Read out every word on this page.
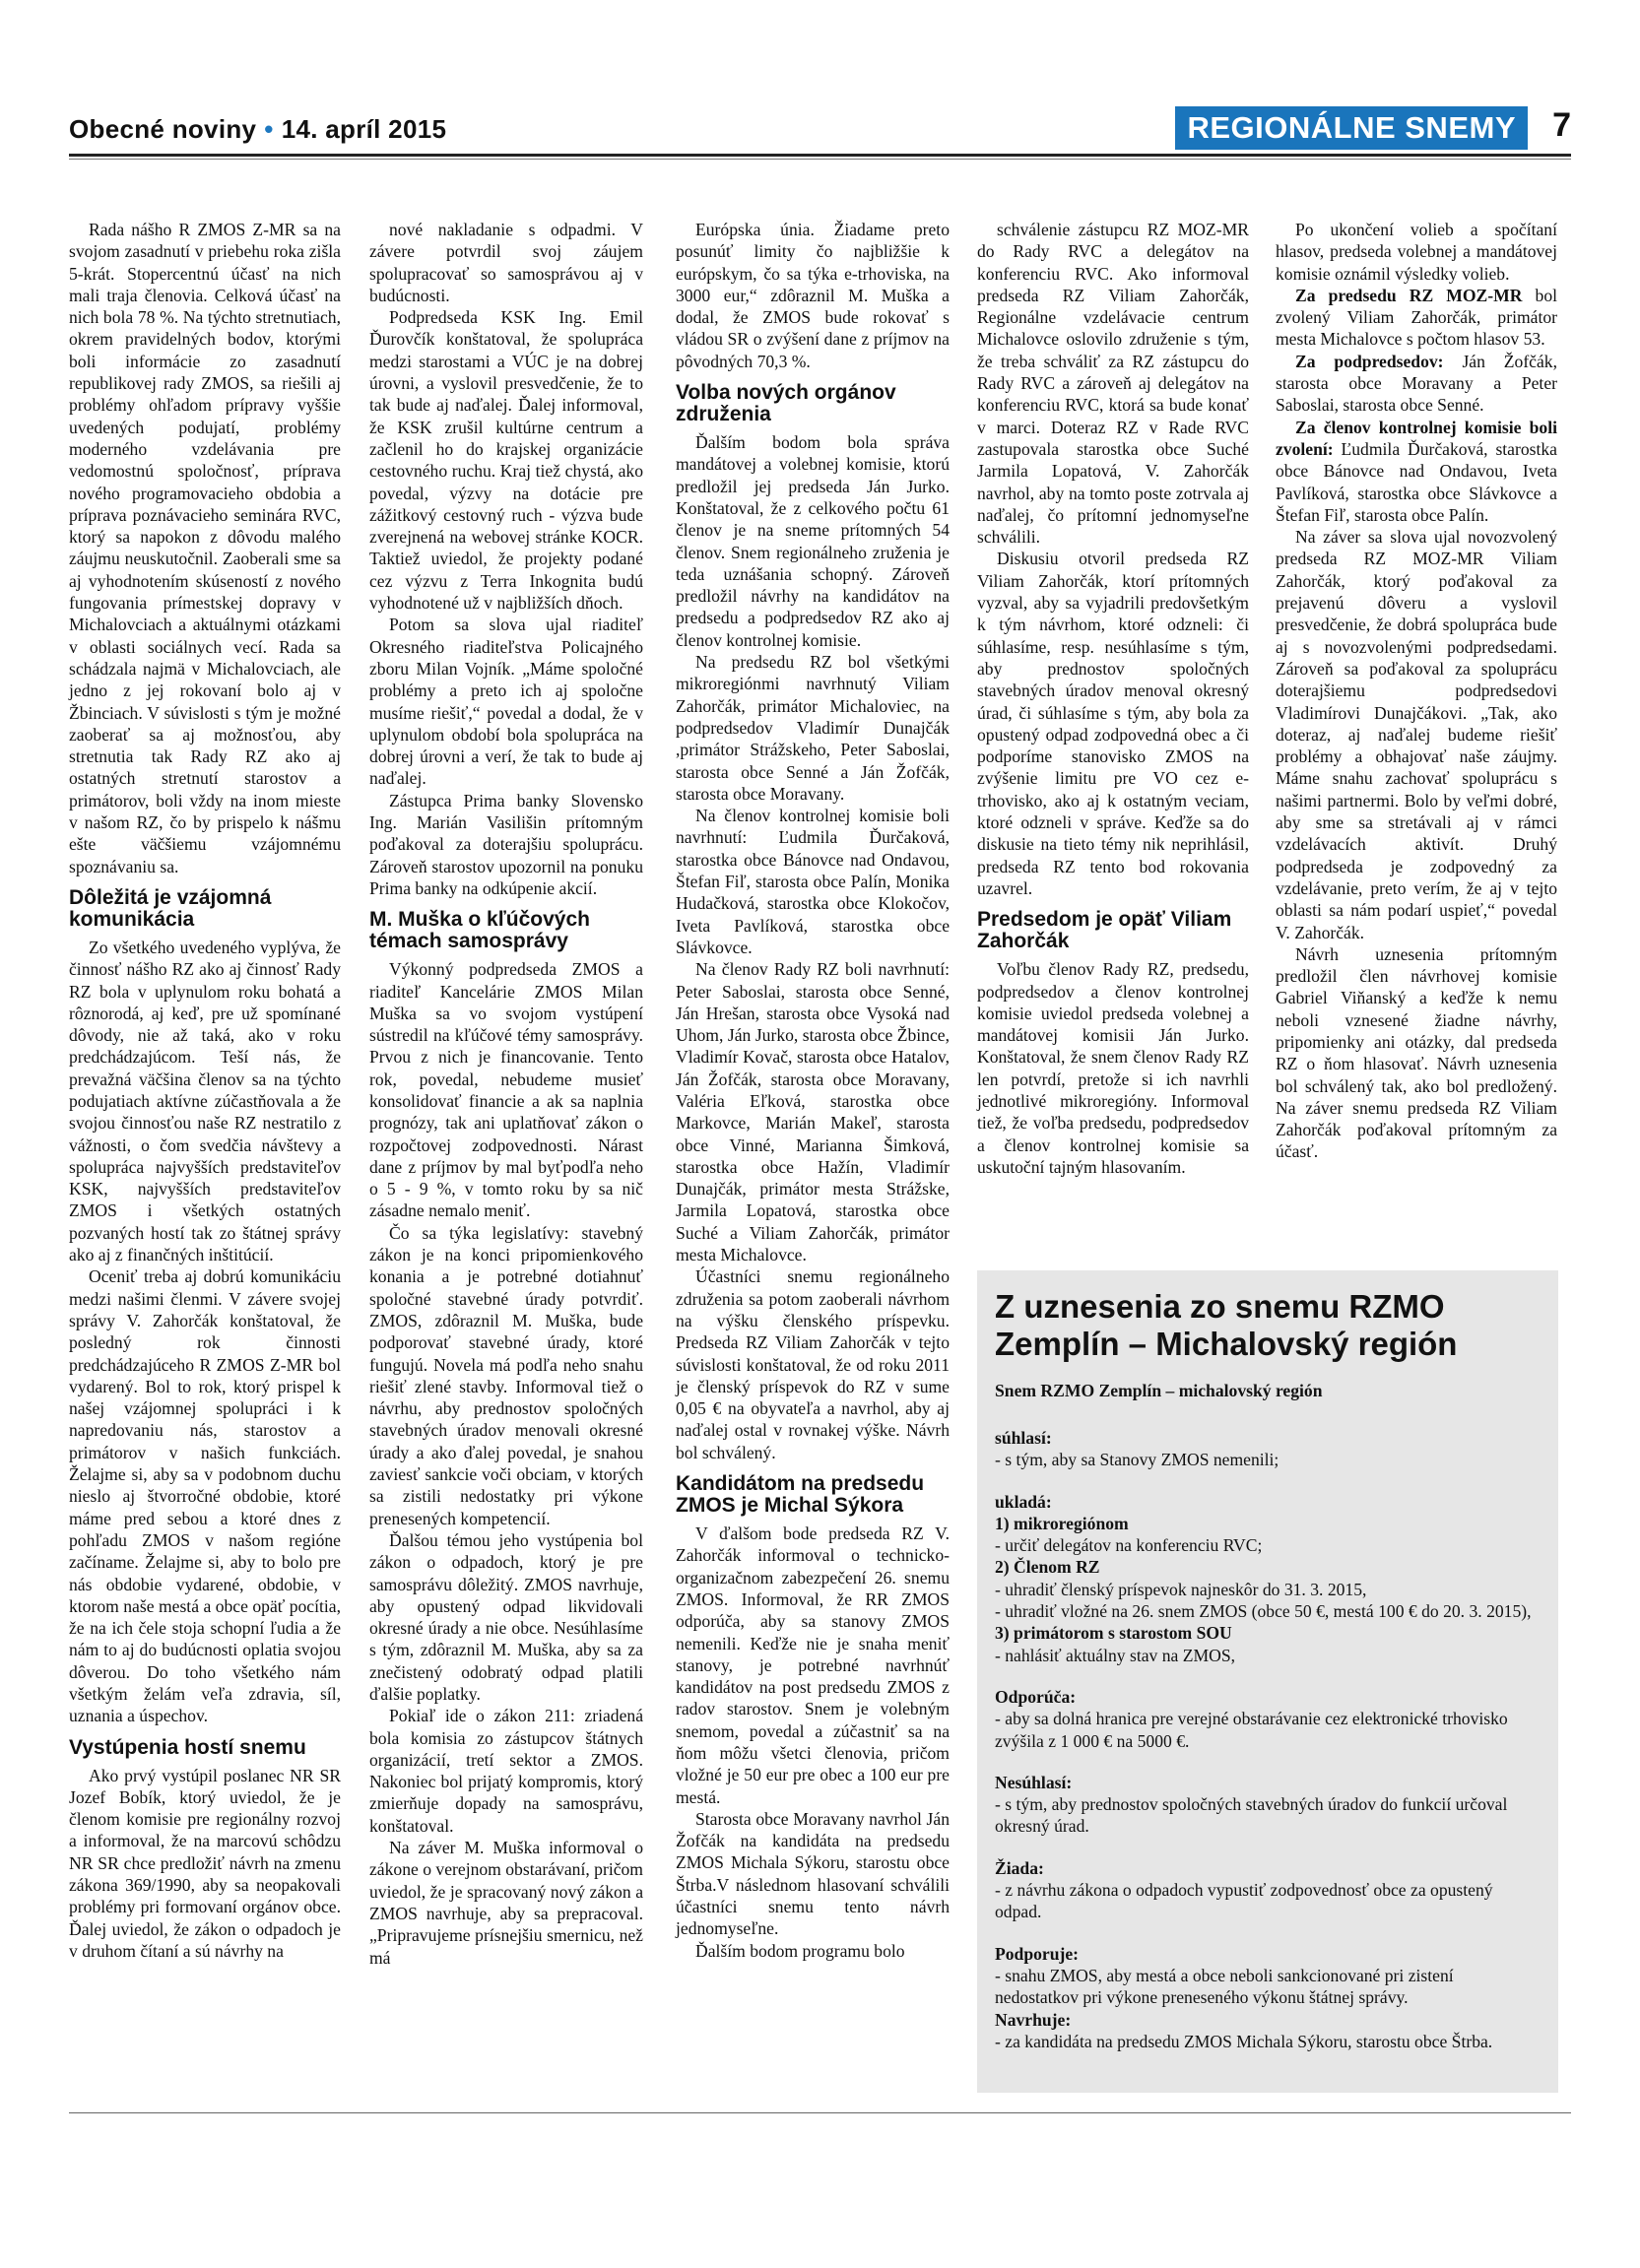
Obecné noviny • 14. apríl 2015	REGIONÁLNE SNEMY	7

Rada nášho R ZMOS Z-MR sa na svojom zasadnutí v priebehu roka zišla 5-krát. Stopercentnú účasť na nich mali traja členovia. Celková účasť na nich bola 78 %. Na týchto stretnutiach, okrem pravidelných bodov, ktorými boli informácie zo zasadnutí republikovej rady ZMOS, sa riešili aj problémy ohľadom prípravy vyššie uvedených podujatí, problémy moderného vzdelávania pre vedomostnú spoločnosť, príprava nového programovacieho obdobia a príprava poznávacieho seminára RVC, ktorý sa napokon z dôvodu malého záujmu neuskutočnil. Zaoberali sme sa aj vyhodnotením skúseností z nového fungovania prímestskej dopravy v Michalovciach a aktuálnymi otázkami v oblasti sociálnych vecí. Rada sa schádzala najmä v Michalovciach, ale jedno z jej rokovaní bolo aj v Žbinciach. V súvislosti s tým je možné zaoberať sa aj možnosťou, aby stretnutia tak Rady RZ ako aj ostatných stretnutí starostov a primátorov, boli vždy na inom mieste v našom RZ, čo by prispelo k nášmu ešte väčšiemu vzájomnému spoznávaniu sa.

Dôležitá je vzájomná komunikácia

Zo všetkého uvedeného vyplýva, že činnosť nášho RZ ako aj činnosť Rady RZ bola v uplynulom roku bohatá a rôznorodá, aj keď, pre už spomínané dôvody, nie až taká, ako v roku predchádzajúcom. Teší nás, že prevažná väčšina členov sa na týchto podujatiach aktívne zúčastňovala a že svojou činnosťou naše RZ nestratilo z vážnosti, o čom svedčia návštevy a spolupráca najvyšších predstaviteľov KSK, najvyšších predstaviteľov ZMOS i všetkých ostatných pozvaných hostí tak zo štátnej správy ako aj z finančných inštitúcií.

Oceniť treba aj dobrú komunikáciu medzi našimi členmi. V závere svojej správy V. Zahorčák konštatoval, že posledný rok činnosti predchádzajúceho R ZMOS Z-MR bol vydarený. Bol to rok, ktorý prispel k našej vzájomnej spolupráci i k napredovaniu nás, starostov a primátorov v našich funkciách. Želajme si, aby sa v podobnom duchu nieslo aj štvorročné obdobie, ktoré máme pred sebou a ktoré dnes z pohľadu ZMOS v našom regióne začíname. Želajme si, aby to bolo pre nás obdobie vydarené, obdobie, v ktorom naše mestá a obce opäť pocítia, že na ich čele stoja schopní ľudia a že nám to aj do budúcnosti oplatia svojou dôverou. Do toho všetkého nám všetkým želám veľa zdravia, síl, uznania a úspechov.

Vystúpenia hostí snemu

Ako prvý vystúpil poslanec NR SR Jozef Bobík, ktorý uviedol, že je členom komisie pre regionálny rozvoj a informoval, že na marcovú schôdzu NR SR chce predložiť návrh na zmenu zákona 369/1990, aby sa neopakovali problémy pri formovaní orgánov obce. Ďalej uviedol, že zákon o odpadoch je v druhom čítaní a sú návrhy na

nové nakladanie s odpadmi. V závere potvrdil svoj záujem spolupracovať so samosprávou aj v budúcnosti.

Podpredseda KSK Ing. Emil Ďurovčík konštatoval, že spolupráca medzi starostami a VÚC je na dobrej úrovni, a vyslovil presvedčenie, že to tak bude aj naďalej. Ďalej informoval, že KSK zrušil kultúrne centrum a začlenil ho do krajskej organizácie cestovného ruchu. Kraj tiež chystá, ako povedal, výzvy na dotácie pre zážitkový cestovný ruch - výzva bude zverejnená na webovej stránke KOCR. Taktiež uviedol, že projekty podané cez výzvu z Terra Inkognita budú vyhodnotené už v najbližších dňoch.

Potom sa slova ujal riaditeľ Okresného riaditeľstva Policajného zboru Milan Vojník. „Máme spoločné problémy a preto ich aj spoločne musíme riešiť,“ povedal a dodal, že v uplynulom období bola spolupráca na dobrej úrovni a verí, že tak to bude aj naďalej.

Zástupca Prima banky Slovensko Ing. Marián Vasilišin prítomným poďakoval za doterajšiu spoluprácu. Zároveň starostov upozornil na ponuku Prima banky na odkúpenie akcií.

M. Muška o kľúčových témach samosprávy

Výkonný podpredseda ZMOS a riaditeľ Kancelárie ZMOS Milan Muška sa vo svojom vystúpení sústredil na kľúčové témy samosprávy. Prvou z nich je financovanie. Tento rok, povedal, nebudeme musieť konsolidovať financie a ak sa naplnia prognózy, tak ani uplatňovať zákon o rozpočtovej zodpovednosti. Nárast dane z príjmov by mal byťpodľa neho o 5 - 9 %, v tomto roku by sa nič zásadne nemalo meniť.

Čo sa týka legislatívy: stavebný zákon je na konci pripomienkového konania a je potrebné dotiahnuť spoločné stavebné úrady potvrdiť. ZMOS, zdôraznil M. Muška, bude podporovať stavebné úrady, ktoré fungujú. Novela má podľa neho snahu riešiť zlené stavby. Informoval tiež o návrhu, aby prednostov spoločných stavebných úradov menovali okresné úrady a ako ďalej povedal, je snahou zaviesť sankcie voči obciam, v ktorých sa zistili nedostatky pri výkone prenesených kompetencií.

Ďalšou témou jeho vystúpenia bol zákon o odpadoch, ktorý je pre samosprávu dôležitý. ZMOS navrhuje, aby opustený odpad likvidovali okresné úrady a nie obce. Nesúhlasíme s tým, zdôraznil M. Muška, aby sa za znečistený odobratý odpad platili ďalšie poplatky.

Pokiaľ ide o zákon 211: zriadená bola komisia zo zástupcov štátnych organizácií, tretí sektor a ZMOS. Nakoniec bol prijatý kompromis, ktorý zmierňuje dopady na samosprávu, konštatoval.

Na záver M. Muška informoval o zákone o verejnom obstarávaní, pričom uviedol, že je spracovaný nový zákon a ZMOS navrhuje, aby sa prepracoval. „Pripravujeme prísnejšiu smernicu, než má

Európska únia. Žiadame preto posunúť limity čo najbližšie k európskym, čo sa týka e-trhoviska, na 3000 eur,“ zdôraznil M. Muška a dodal, že ZMOS bude rokovať s vládou SR o zvýšení dane z príjmov na pôvodných 70,3 %.

Volba nových orgánov združenia

Ďalším bodom bola správa mandátovej a volebnej komisie, ktorú predložil jej predseda Ján Jurko. Konštatoval, že z celkového počtu 61 členov je na sneme prítomných 54 členov. Snem regionálneho zruženia je teda uznášania schopný. Zároveň predložil návrhy na kandidátov na predsedu a podpredsedov RZ ako aj členov kontrolnej komisie.

Na predsedu RZ bol všetkými mikroregiónmi navrhnutý Viliam Zahorčák, primátor Michaloviec, na podpredsedov Vladimír Dunajčák ,primátor Strážskeho, Peter Saboslai, starosta obce Senné a Ján Žofčák, starosta obce Moravany.

Na členov kontrolnej komisie boli navrhnutí: Ľudmila Ďurčaková, starostka obce Bánovce nad Ondavou, Štefan Fiľ, starosta obce Palín, Monika Hudačková, starostka obce Klokočov, Iveta Pavlíková, starostka obce Slávkovce.

Na členov Rady RZ boli navrhnutí: Peter Saboslai, starosta obce Senné, Ján Hrešan, starosta obce Vysoká nad Uhom, Ján Jurko, starosta obce Žbince, Vladimír Kovač, starosta obce Hatalov, Ján Žofčák, starosta obce Moravany, Valéria Eľková, starostka obce Markovce, Marián Makeľ, starosta obce Vinné, Marianna Šimková, starostka obce Hažín, Vladimír Dunajčák, primátor mesta Strážske, Jarmila Lopatová, starostka obce Suché a Viliam Zahorčák, primátor mesta Michalovce.

Účastníci snemu regionálneho združenia sa potom zaoberali návrhom na výšku členského príspevku. Predseda RZ Viliam Zahorčák v tejto súvislosti konštatoval, že od roku 2011 je členský príspevok do RZ v sume 0,05 € na obyvateľa a navrhol, aby aj naďalej ostal v rovnakej výške. Návrh bol schválený.

Kandidátom na predsedu ZMOS je Michal Sýkora

V ďalšom bode predseda RZ V. Zahorčák informoval o technicko-organizačnom zabezpečení 26. snemu ZMOS. Informoval, že RR ZMOS odporúča, aby sa stanovy ZMOS nemenili. Keďže nie je snaha meniť stanovy, je potrebné navrhnúť kandidátov na post predsedu ZMOS z radov starostov. Snem je volebným snemom, povedal a zúčastniť sa na ňom môžu všetci členovia, pričom vložné je 50 eur pre obec a 100 eur pre mestá.

Starosta obce Moravany navrhol Ján Žofčák na kandidáta na predsedu ZMOS Michala Sýkoru, starostu obce Štrba.V následnom hlasovaní schválili účastníci snemu tento návrh jednomyseľne.

Ďalším bodom programu bolo

schválenie zástupcu RZ MOZ-MR do Rady RVC a delegátov na konferenciu RVC. Ako informoval predseda RZ Viliam Zahorčák, Regionálne vzdelávacie centrum Michalovce oslovilo združenie s tým, že treba schváliť za RZ zástupcu do Rady RVC a zároveň aj delegátov na konferenciu RVC, ktorá sa bude konať v marci. Doteraz RZ v Rade RVC zastupovala starostka obce Suché Jarmila Lopatová, V. Zahorčák navrhol, aby na tomto poste zotrvala aj naďalej, čo prítomní jednomyseľne schválili.

Diskusiu otvoril predseda RZ Viliam Zahorčák, ktorí prítomných vyzval, aby sa vyjadrili predovšetkým k tým návrhom, ktoré odzneli: či súhlasíme, resp. nesúhlasíme s tým, aby prednostov spoločných stavebných úradov menoval okresný úrad, či súhlasíme s tým, aby bola za opustený odpad zodpovedná obec a či podporíme stanovisko ZMOS na zvýšenie limitu pre VO cez e-trhovisko, ako aj k ostatným veciam, ktoré odzneli v správe. Keďže sa do diskusie na tieto témy nik neprihlásil, predseda RZ tento bod rokovania uzavrel.

Predsedom je opäť Viliam Zahorčák

Voľbu členov Rady RZ, predsedu, podpredsedov a členov kontrolnej komisie uviedol predseda volebnej a mandátovej komisii Ján Jurko. Konštatoval, že snem členov Rady RZ len potvrdí, pretože si ich navrhli jednotlivé mikroregióny. Informoval tiež, že voľba predsedu, podpredsedov a členov kontrolnej komisie sa uskutoční tajným hlasovaním.

Po ukončení volieb a spočítaní hlasov, predseda volebnej a mandátovej komisie oznámil výsledky volieb.

Za predsedu RZ MOZ-MR bol zvolený Viliam Zahorčák, primátor mesta Michalovce s počtom hlasov 53.

Za podpredsedov: Ján Žofčák, starosta obce Moravany a Peter Saboslai, starosta obce Senné.

Za členov kontrolnej komisie boli zvolení: Ľudmila Ďurčaková, starostka obce Bánovce nad Ondavou, Iveta Pavlíková, starostka obce Slávkovce a Štefan Fiľ, starosta obce Palín.

Na záver sa slova ujal novozvolený predseda RZ MOZ-MR Viliam Zahorčák, ktorý poďakoval za prejavenú dôveru a vyslovil presvedčenie, že dobrá spolupráca bude aj s novozvolenými podpredsedami. Zároveň sa poďakoval za spoluprácu doterajšiemu podpredsedovi Vladimírovi Dunajčákovi. „Tak, ako doteraz, aj naďalej budeme riešiť problémy a obhajovať naše záujmy. Máme snahu zachovať spoluprácu s našimi partnermi. Bolo by veľmi dobré, aby sme sa stretávali aj v rámci vzdelávacích aktivít. Druhý podpredseda je zodpovedný za vzdelávanie, preto verím, že aj v tejto oblasti sa nám podarí uspieť,“ povedal V. Zahorčák.

Návrh uznesenia prítomným predložil člen návrhovej komisie Gabriel Viňanský a keďže k nemu neboli vznesené žiadne návrhy, pripomienky ani otázky, dal predseda RZ o ňom hlasovať. Návrh uznesenia bol schválený tak, ako bol predložený. Na záver snemu predseda RZ Viliam Zahorčák poďakoval prítomným za účasť.

Z uznesenia zo snemu RZMO Zemplín – Michalovský región
Snem RZMO Zemplín – michalovský región
súhlasí:
- s tým, aby sa Stanovy ZMOS nemenili;
ukladá:
1) mikroregiónom
- určiť delegátov na konferenciu RVC;
2) Členom RZ
- uhradiť členský príspevok najneskôr do 31. 3. 2015,
- uhradiť vložné na 26. snem ZMOS (obce 50 €, mestá 100 € do 20. 3. 2015),
3) primátorom s starostom SOU
- nahlásiť aktuálny stav na ZMOS,
Odporúča:
- aby sa dolná hranica pre verejné obstarávanie cez elektronické trhovisko zvýšila z 1 000 € na 5000 €.
Nesúhlasí:
- s tým, aby prednostov spoločných stavebných úradov do funkcií určoval okresný úrad.
Žiada:
- z návrhu zákona o odpadoch vypustiť zodpovednosť obce za opustený odpad.
Podporuje:
- snahu ZMOS, aby mestá a obce neboli sankcionované pri zistení nedostatkov pri výkone preneseného výkonu štátnej správy.
Navrhuje:
- za kandidáta na predsedu ZMOS Michala Sýkoru, starostu obce Štrba.
